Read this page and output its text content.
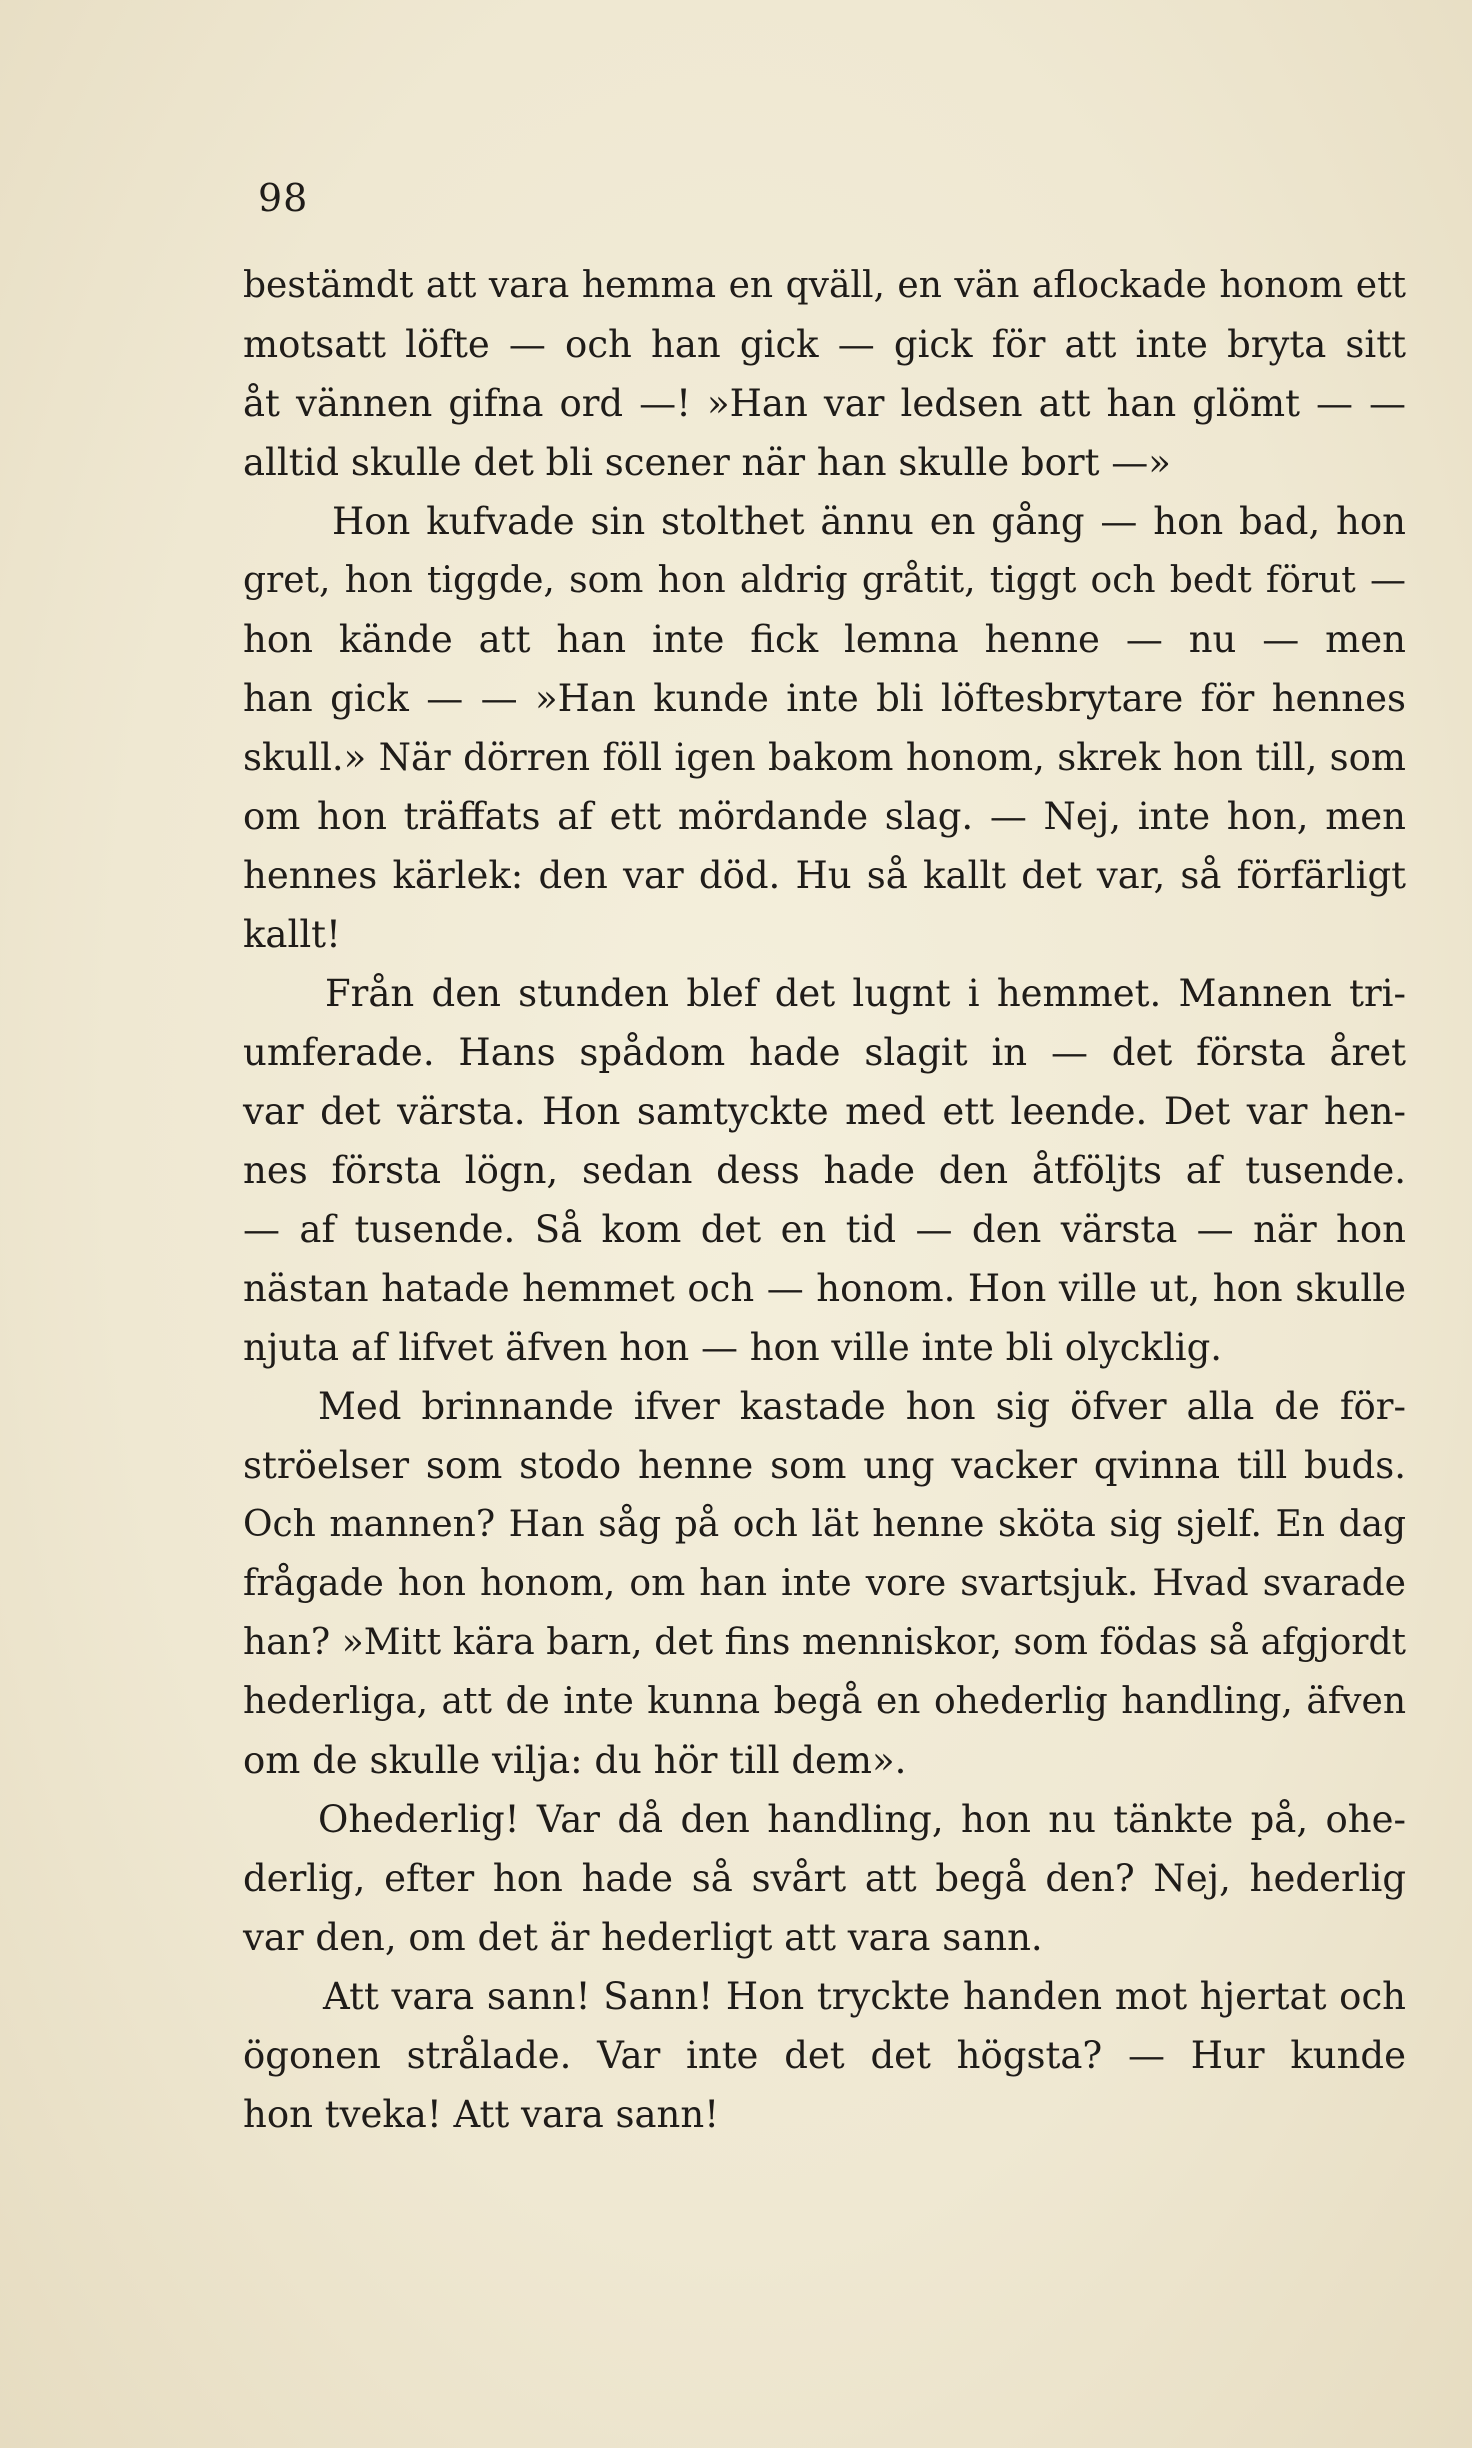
98
bestämdt att vara hemma en qväll, en vän aflockade honom ett
motsatt löfte — och han gick — gick för att inte bryta sitt
åt vännen gifna ord —! »Han var ledsen att han glömt — —
alltid skulle det bli scener när han skulle bort —»
Hon kufvade sin stolthet ännu en gång — hon bad, hon
gret, hon tiggde, som hon aldrig gråtit, tiggt och bedt förut —
hon kände att han inte fick lemna henne — nu — men
han gick — — »Han kunde inte bli löftesbrytare för hennes
skull.» När dörren föll igen bakom honom, skrek hon till, som
om hon träffats af ett mördande slag. — Nej, inte hon, men
hennes kärlek: den var död. Hu så kallt det var, så förfärligt
kallt!
Från den stunden blef det lugnt i hemmet. Mannen tri-
umferade. Hans spådom hade slagit in — det första året
var det värsta. Hon samtyckte med ett leende. Det var hen-
nes första lögn, sedan dess hade den åtföljts af tusende.
— af tusende. Så kom det en tid — den värsta — när hon
nästan hatade hemmet och — honom. Hon ville ut, hon skulle
njuta af lifvet äfven hon — hon ville inte bli olycklig.
Med brinnande ifver kastade hon sig öfver alla de för-
ströelser som stodo henne som ung vacker qvinna till buds.
Och mannen? Han såg på och lät henne sköta sig sjelf. En dag
frågade hon honom, om han inte vore svartsjuk. Hvad svarade
han? »Mitt kära barn, det fins menniskor, som födas så afgjordt
hederliga, att de inte kunna begå en ohederlig handling, äfven
om de skulle vilja: du hör till dem».
Ohederlig! Var då den handling, hon nu tänkte på, ohe-
derlig, efter hon hade så svårt att begå den? Nej, hederlig
var den, om det är hederligt att vara sann.
Att vara sann! Sann! Hon tryckte handen mot hjertat och
ögonen strålade. Var inte det det högsta? — Hur kunde
hon tveka! Att vara sann!
